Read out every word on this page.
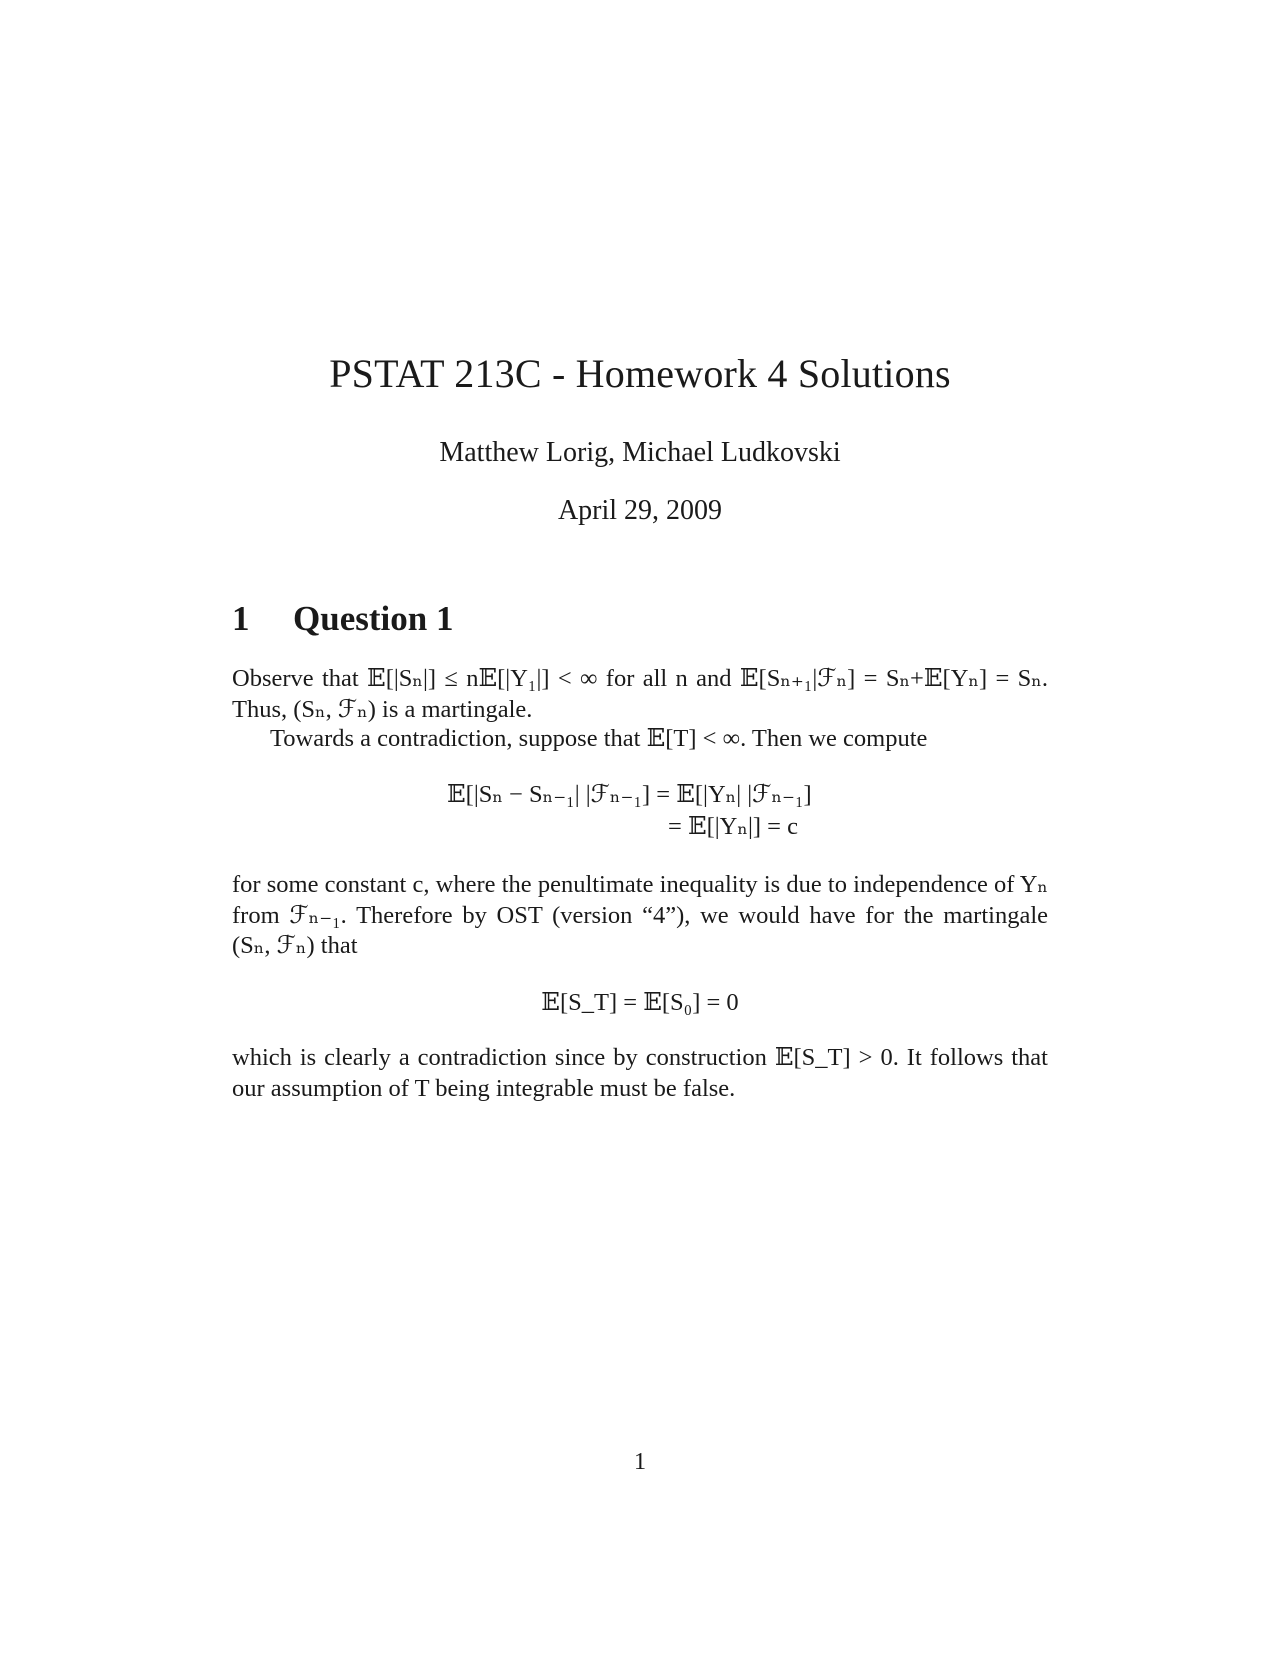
PSTAT 213C - Homework 4 Solutions
Matthew Lorig, Michael Ludkovski
April 29, 2009
1 Question 1

Observe that 𝔼[|Sₙ|] ≤ n𝔼[|Y₁|] < ∞ for all n and 𝔼[Sₙ₊₁|ℱₙ] = Sₙ+𝔼[Yₙ] = Sₙ. Thus, (Sₙ, ℱₙ) is a martingale.

Towards a contradiction, suppose that 𝔼[T] < ∞. Then we compute

𝔼[|Sₙ − Sₙ₋₁| |ℱₙ₋₁] = 𝔼[|Yₙ| |ℱₙ₋₁]
= 𝔼[|Yₙ|] = c

for some constant c, where the penultimate inequality is due to independence of Yₙ from ℱₙ₋₁. Therefore by OST (version “4”), we would have for the martingale (Sₙ, ℱₙ) that

𝔼[S_T] = 𝔼[S₀] = 0

which is clearly a contradiction since by construction 𝔼[S_T] > 0. It follows that our assumption of T being integrable must be false.

1
